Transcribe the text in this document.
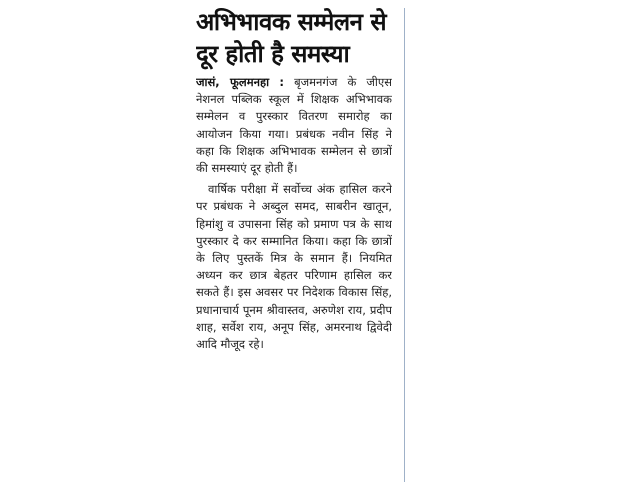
अभिभावक सम्मेलन से
दूर होती है समस्या

जासं, फूलमनहा : बृजमनगंज के जीएस नेशनल पब्लिक स्कूल में शिक्षक अभिभावक सम्मेलन व पुरस्कार वितरण समारोह का आयोजन किया गया। प्रबंधक नवीन सिंह ने कहा कि शिक्षक अभिभावक सम्मेलन से छात्रों की समस्याएं दूर होती हैं।

वार्षिक परीक्षा में सर्वोच्च अंक हासिल करने पर प्रबंधक ने अब्दुल समद, साबरीन खातून, हिमांशु व उपासना सिंह को प्रमाण पत्र के साथ पुरस्कार दे कर सम्मानित किया। कहा कि छात्रों के लिए पुस्तकें मित्र के समान हैं। नियमित अध्यन कर छात्र बेहतर परिणाम हासिल कर सकते हैं। इस अवसर पर निदेशक विकास सिंह, प्रधानाचार्य पूनम श्रीवास्तव, अरुणेश राय, प्रदीप शाह, सर्वेश राय, अनूप सिंह, अमरनाथ द्विवेदी आदि मौजूद रहे।
